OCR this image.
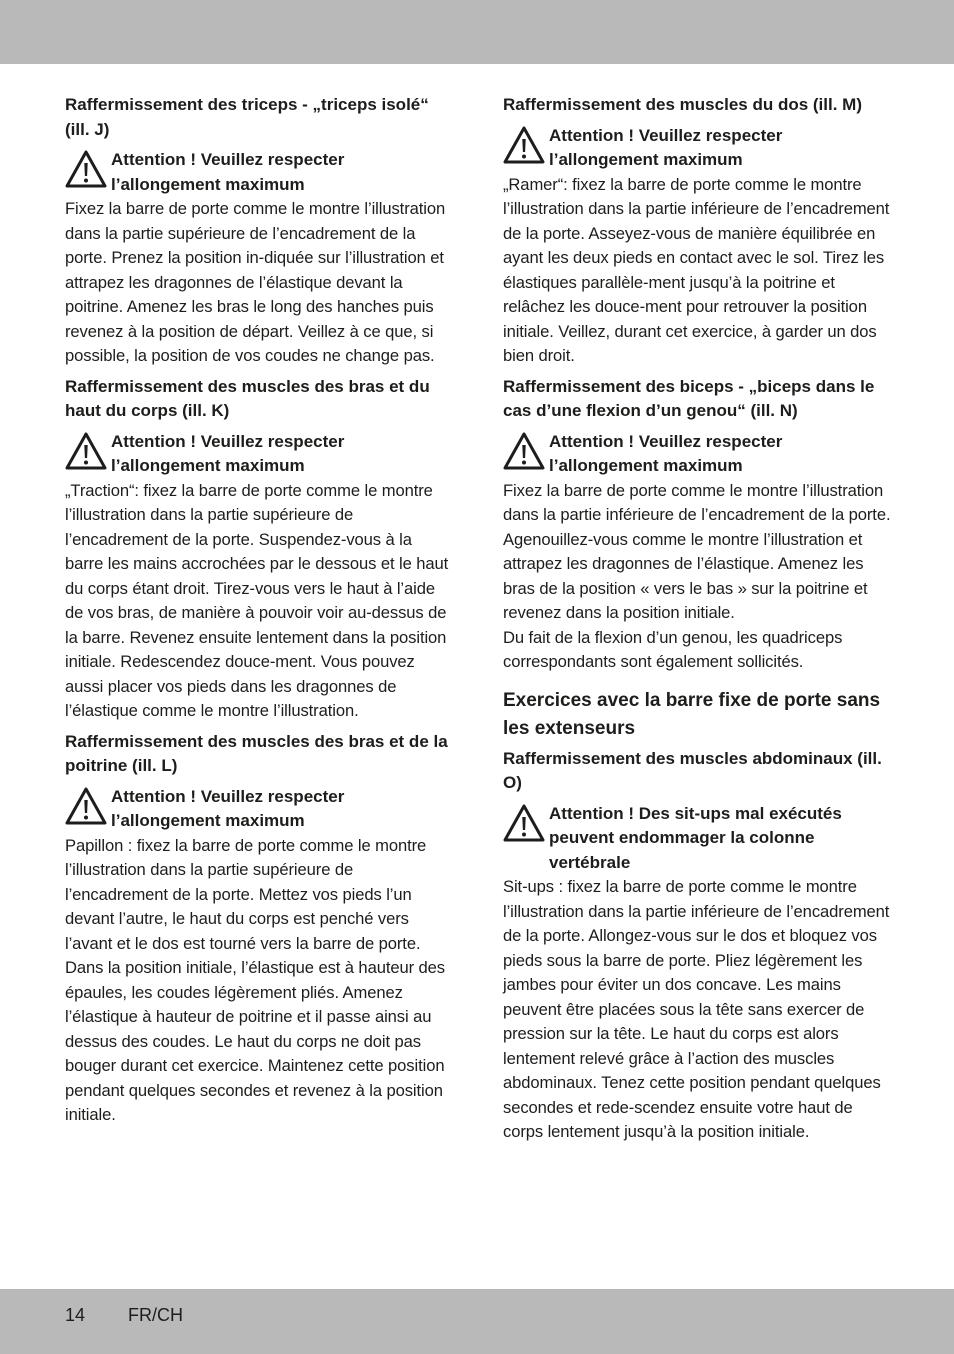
Raffermissement des triceps - „triceps isolé“ (ill. J)
Attention ! Veuillez respecter l’allongement maximum
Fixez la barre de porte comme le montre l’illustration dans la partie supérieure de l’encadrement de la porte. Prenez la position in-diquée sur l’illustration et attrapez les dragonnes de l’élastique devant la poitrine. Amenez les bras le long des hanches puis revenez à la position de départ. Veillez à ce que, si possible, la position de vos coudes ne change pas.
Raffermissement des muscles des bras et du haut du corps (ill. K)
Attention ! Veuillez respecter l’allongement maximum
„Traction“: fixez la barre de porte comme le montre l’illustration dans la partie supérieure de l’encadrement de la porte. Suspendez-vous à la barre les mains accrochées par le dessous et le haut du corps étant droit. Tirez-vous vers le haut à l’aide de vos bras, de manière à pouvoir voir au-dessus de la barre. Revenez ensuite lentement dans la position initiale. Redescendez douce-ment. Vous pouvez aussi placer vos pieds dans les dragonnes de l’élastique comme le montre l’illustration.
Raffermissement des muscles des bras et de la poitrine (ill. L)
Attention ! Veuillez respecter l’allongement maximum
Papillon : fixez la barre de porte comme le montre l’illustration dans la partie supérieure de l’encadrement de la porte. Mettez vos pieds l’un devant l’autre, le haut du corps est penché vers l’avant et le dos est tourné vers la barre de porte. Dans la position initiale, l’élastique est à hauteur des épaules, les coudes légèrement pliés. Amenez l’élastique à hauteur de poitrine et il passe ainsi au dessus des coudes. Le haut du corps ne doit pas bouger durant cet exercice. Maintenez cette position pendant quelques secondes et revenez à la position initiale.
Raffermissement des muscles du dos (ill. M)
Attention ! Veuillez respecter l’allongement maximum
„Ramer“: fixez la barre de porte comme le montre l’illustration dans la partie inférieure de l’encadrement de la porte. Asseyez-vous de manière équilibrée en ayant les deux pieds en contact avec le sol. Tirez les élastiques parallèle-ment jusqu’à la poitrine et relâchez les douce-ment pour retrouver la position initiale. Veillez, durant cet exercice, à garder un dos bien droit.
Raffermissement des biceps - „biceps dans le cas d’une flexion d’un genou“ (ill. N)
Attention ! Veuillez respecter l’allongement maximum
Fixez la barre de porte comme le montre l’illustration dans la partie inférieure de l’encadrement de la porte. Agenouillez-vous comme le montre l’illustration et attrapez les dragonnes de l’élastique. Amenez les bras de la position « vers le bas » sur la poitrine et revenez dans la position initiale.
Du fait de la flexion d’un genou, les quadriceps correspondants sont également sollicités.
Exercices avec la barre fixe de porte sans les extenseurs
Raffermissement des muscles abdominaux (ill. O)
Attention ! Des sit-ups mal exécutés peuvent endommager la colonne vertébrale
Sit-ups : fixez la barre de porte comme le montre l’illustration dans la partie inférieure de l’encadrement de la porte. Allongez-vous sur le dos et bloquez vos pieds sous la barre de porte. Pliez légèrement les jambes pour éviter un dos concave. Les mains peuvent être placées sous la tête sans exercer de pression sur la tête. Le haut du corps est alors lentement relevé grâce à l’action des muscles abdominaux. Tenez cette position pendant quelques secondes et rede-scendez ensuite votre haut de corps lentement jusqu’à la position initiale.
14 FR/CH
